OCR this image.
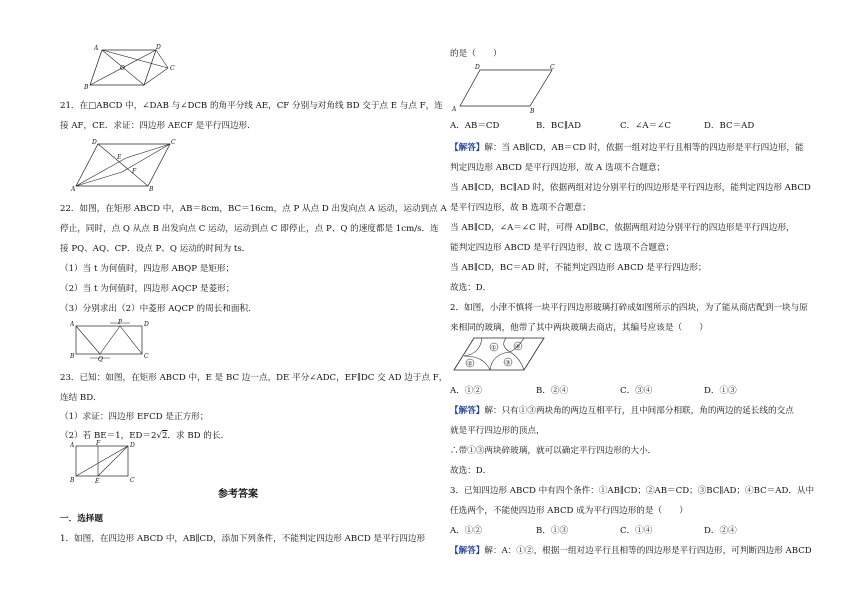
A	D
O
B
C
21．在□ABCD 中，∠DAB 与∠DCB 的角平分线 AE，CF 分别与对角线 BD 交于点 E 与点 F，连
接 AF，CE．求证：四边形 AECF 是平行四边形．
D	C
E
F
A	B
22．如图，在矩形 ABCD 中，AB＝8cm，BC＝16cm，点 P 从点 D 出发向点 A 运动，运动到点 A
停止，同时，点 Q 从点 B 出发向点 C 运动，运动到点 C 即停止，点 P、Q 的速度都是 1cm/s．连
接 PQ、AQ、CP．设点 P、Q 运动的时间为 ts．
（1）当 t 为何值时，四边形 ABQP 是矩形；
（2）当 t 为何值时，四边形 AQCP 是菱形；
（3）分别求出（2）中菱形 AQCP 的周长和面积．
A	P	D
B	Q	C
23．已知：如图，在矩形 ABCD 中，E 是 BC 边一点，DE 平分∠ADC，EF∥DC 交 AD 边于点 F，
连结 BD．
（1）求证：四边形 EFCD 是正方形；
（2）若 BE＝1，ED＝2√2．求 BD 的长．
A	F	D
B	E	C
参考答案
一．选择题
1．如图，在四边形 ABCD 中，AB∥CD，添加下列条件，不能判定四边形 ABCD 是平行四边形
的是（　　）
D	C
A	B
A．AB＝CD	B．BC∥AD	C．∠A＝∠C	D．BC＝AD
【解答】解：当 AB∥CD，AB＝CD 时，依据一组对边平行且相等的四边形是平行四边形，能
判定四边形 ABCD 是平行四边形，故 A 选项不合题意；
当 AB∥CD，BC∥AD 时，依据两组对边分别平行的四边形是平行四边形，能判定四边形 ABCD
是平行四边形，故 B 选项不合题意；
当 AB∥CD，∠A＝∠C 时，可得 AD∥BC，依据两组对边分别平行的四边形是平行四边形，
能判定四边形 ABCD 是平行四边形，故 C 选项不合题意；
当 AB∥CD，BC＝AD 时，不能判定四边形 ABCD 是平行四边形；
故选：D．
2．如图，小津不慎将一块平行四边形玻璃打碎成如图所示的四块，为了能从商店配到一块与原
来相同的玻璃，他带了其中两块玻璃去商店，其编号应该是（　　）
①	④
②	③
A．①②	B．②④	C．③④	D．①③
【解答】解：只有①③两块角的两边互相平行，且中间部分相联，角的两边的延长线的交点
就是平行四边形的顶点，
∴带①③两块碎玻璃，就可以确定平行四边形的大小．
故选：D．
3．已知四边形 ABCD 中有四个条件：①AB∥CD；②AB＝CD；③BC∥AD；④BC＝AD．从中
任选两个，不能使四边形 ABCD 成为平行四边形的是（　　）
A．①②	B．①③	C．①④	D．②④
【解答】解：A：①②，根据一组对边平行且相等的四边形是平行四边形，可判断四边形 ABCD
